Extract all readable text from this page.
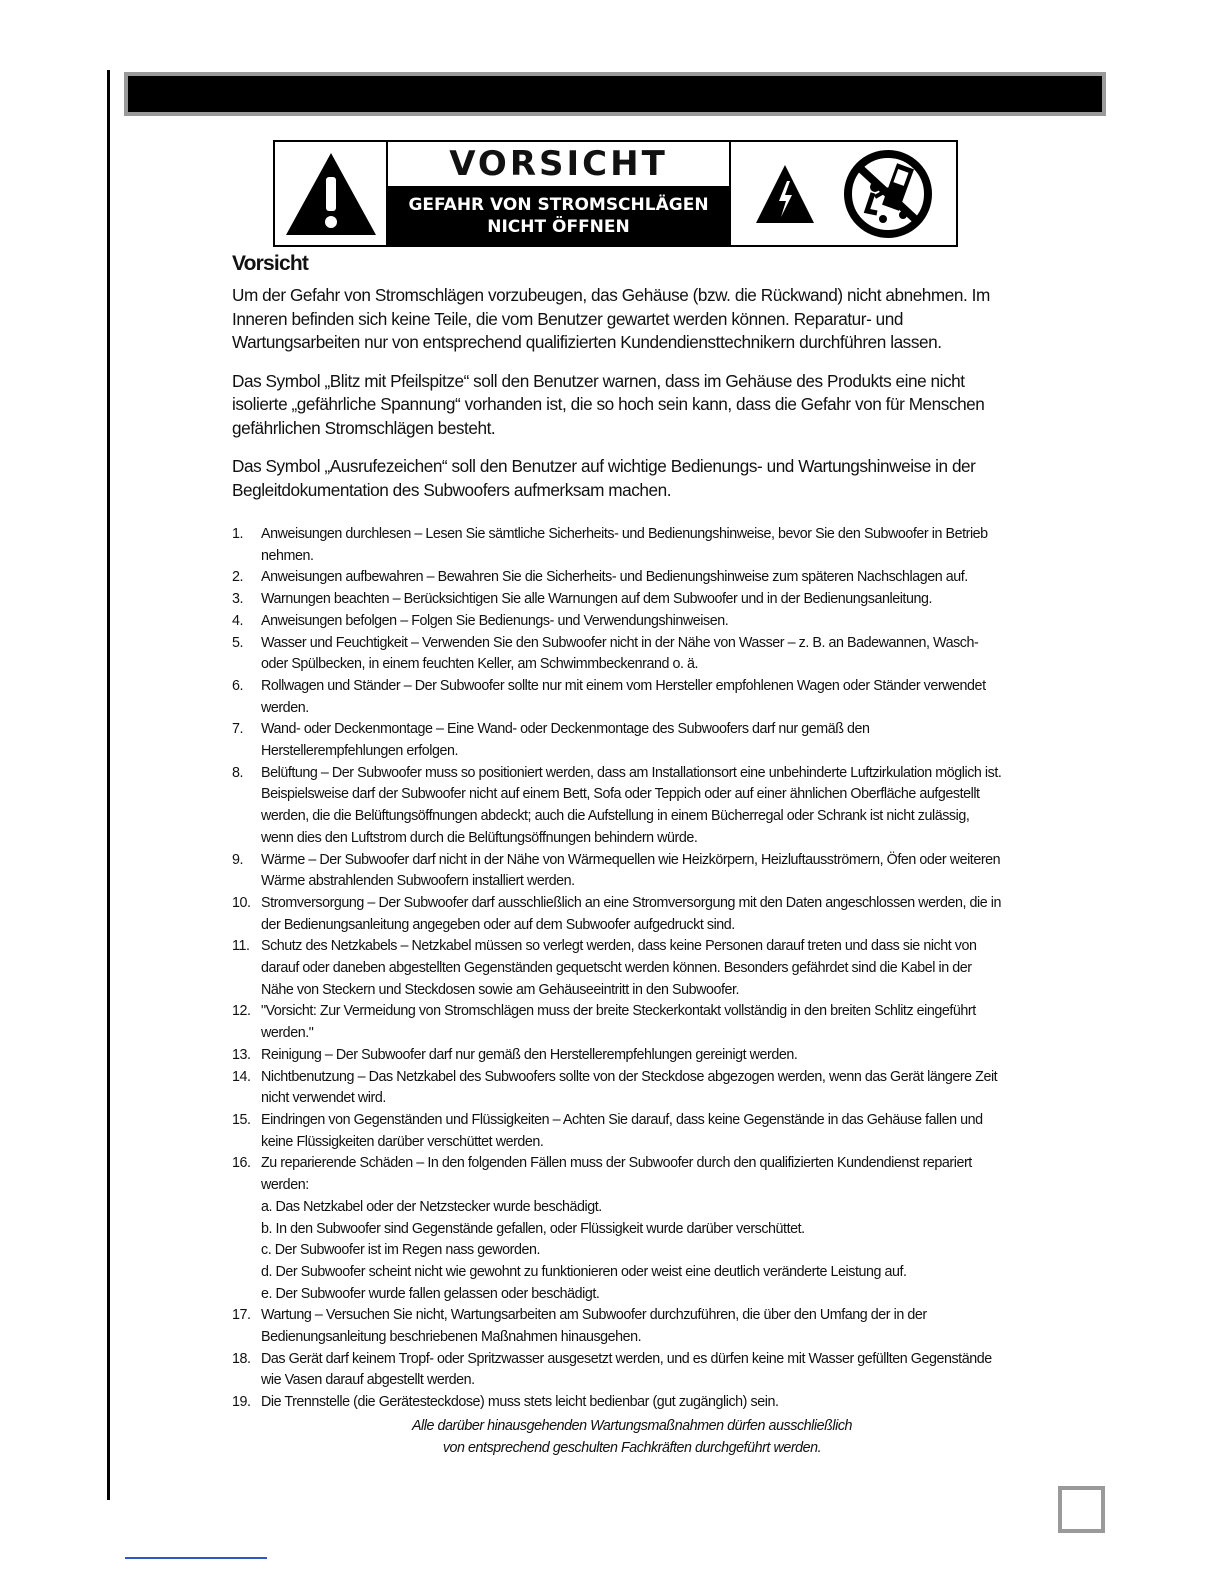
VORSICHT
GEFAHR VON STROMSCHLÄGEN
NICHT ÖFFNEN
Vorsicht

Um der Gefahr von Stromschlägen vorzubeugen, das Gehäuse (bzw. die Rückwand) nicht abnehmen. Im Inneren befinden sich keine Teile, die vom Benutzer gewartet werden können. Reparatur- und Wartungsarbeiten nur von entsprechend qualifizierten Kundendiensttechnikern durchführen lassen.

Das Symbol „Blitz mit Pfeilspitze“ soll den Benutzer warnen, dass im Gehäuse des Produkts eine nicht isolierte „gefährliche Spannung“ vorhanden ist, die so hoch sein kann, dass die Gefahr von für Menschen gefährlichen Stromschlägen besteht.

Das Symbol „Ausrufezeichen“ soll den Benutzer auf wichtige Bedienungs- und Wartungshinweise in der Begleitdokumentation des Subwoofers aufmerksam machen.

1.	Anweisungen durchlesen – Lesen Sie sämtliche Sicherheits- und Bedienungshinweise, bevor Sie den Subwoofer in Betrieb nehmen.
2.	Anweisungen aufbewahren – Bewahren Sie die Sicherheits- und Bedienungshinweise zum späteren Nachschlagen auf.
3.	Warnungen beachten – Berücksichtigen Sie alle Warnungen auf dem Subwoofer und in der Bedienungsanleitung.
4.	Anweisungen befolgen – Folgen Sie Bedienungs- und Verwendungshinweisen.
5.	Wasser und Feuchtigkeit – Verwenden Sie den Subwoofer nicht in der Nähe von Wasser – z. B. an Badewannen, Wasch- oder Spülbecken, in einem feuchten Keller, am Schwimmbeckenrand o. ä.
6.	Rollwagen und Ständer – Der Subwoofer sollte nur mit einem vom Hersteller empfohlenen Wagen oder Ständer verwendet werden.
7.	Wand- oder Deckenmontage – Eine Wand- oder Deckenmontage des Subwoofers darf nur gemäß den Herstellerempfehlungen erfolgen.
8.	Belüftung – Der Subwoofer muss so positioniert werden, dass am Installationsort eine unbehinderte Luftzirkulation möglich ist. Beispielsweise darf der Subwoofer nicht auf einem Bett, Sofa oder Teppich oder auf einer ähnlichen Oberfläche aufgestellt werden, die die Belüftungsöffnungen abdeckt; auch die Aufstellung in einem Bücherregal oder Schrank ist nicht zulässig, wenn dies den Luftstrom durch die Belüftungsöffnungen behindern würde.
9.	Wärme – Der Subwoofer darf nicht in der Nähe von Wärmequellen wie Heizkörpern, Heizluftausströmern, Öfen oder weiteren Wärme abstrahlenden Subwoofern installiert werden.
10. Stromversorgung – Der Subwoofer darf ausschließlich an eine Stromversorgung mit den Daten angeschlossen werden, die in der Bedienungsanleitung angegeben oder auf dem Subwoofer aufgedruckt sind.
11. Schutz des Netzkabels – Netzkabel müssen so verlegt werden, dass keine Personen darauf treten und dass sie nicht von darauf oder daneben abgestellten Gegenständen gequetscht werden können. Besonders gefährdet sind die Kabel in der Nähe von Steckern und Steckdosen sowie am Gehäuseeintritt in den Subwoofer.
12. "Vorsicht: Zur Vermeidung von Stromschlägen muss der breite Steckerkontakt vollständig in den breiten Schlitz eingeführt werden."
13. Reinigung – Der Subwoofer darf nur gemäß den Herstellerempfehlungen gereinigt werden.
14. Nichtbenutzung – Das Netzkabel des Subwoofers sollte von der Steckdose abgezogen werden, wenn das Gerät längere Zeit nicht verwendet wird.
15. Eindringen von Gegenständen und Flüssigkeiten – Achten Sie darauf, dass keine Gegenstände in das Gehäuse fallen und keine Flüssigkeiten darüber verschüttet werden.
16. Zu reparierende Schäden – In den folgenden Fällen muss der Subwoofer durch den qualifizierten Kundendienst repariert werden:
a. Das Netzkabel oder der Netzstecker wurde beschädigt.
b. In den Subwoofer sind Gegenstände gefallen, oder Flüssigkeit wurde darüber verschüttet.
c. Der Subwoofer ist im Regen nass geworden.
d. Der Subwoofer scheint nicht wie gewohnt zu funktionieren oder weist eine deutlich veränderte Leistung auf.
e. Der Subwoofer wurde fallen gelassen oder beschädigt.
17. Wartung – Versuchen Sie nicht, Wartungsarbeiten am Subwoofer durchzuführen, die über den Umfang der in der Bedienungsanleitung beschriebenen Maßnahmen hinausgehen.
18. Das Gerät darf keinem Tropf- oder Spritzwasser ausgesetzt werden, und es dürfen keine mit Wasser gefüllten Gegenstände wie Vasen darauf abgestellt werden.
19. Die Trennstelle (die Gerätesteckdose) muss stets leicht bedienbar (gut zugänglich) sein.
Alle darüber hinausgehenden Wartungsmaßnahmen dürfen ausschließlich
von entsprechend geschulten Fachkräften durchgeführt werden.
